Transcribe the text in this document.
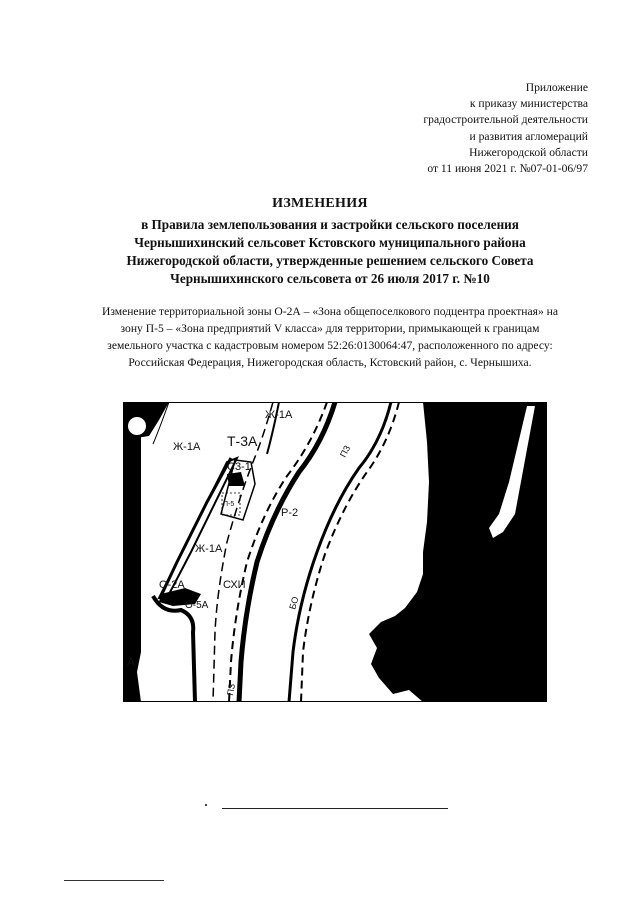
Приложение
к приказу министерства
градостроительной деятельности
и развития агломераций
Нижегородской области
от 11 июня 2021 г. №07-01-06/97
ИЗМЕНЕНИЯ
в Правила землепользования и застройки сельского поселения
Чернышихинский сельсовет Кстовского муниципального района
Нижегородской области, утвержденные решением сельского Совета
Чернышихинского сельсовета от 26 июля 2017 г. №10
Изменение территориальной зоны О-2А – «Зона общепоселкового подцентра проектная» на
зону П-5 – «Зона предприятий V класса» для территории, примыкающей к границам
земельного участка с кадастровым номером 52:26:0130064:47, расположенного по адресу:
Российская Федерация, Нижегородская область, Кстовский район, с. Чернышиха.
Ж-1А
Ж-1А Т-3А
С3-1
П-5
Р-2
Ж-1А
О-2А
О-5А
СХИ
А
ПЗ
БО
ПЗ
